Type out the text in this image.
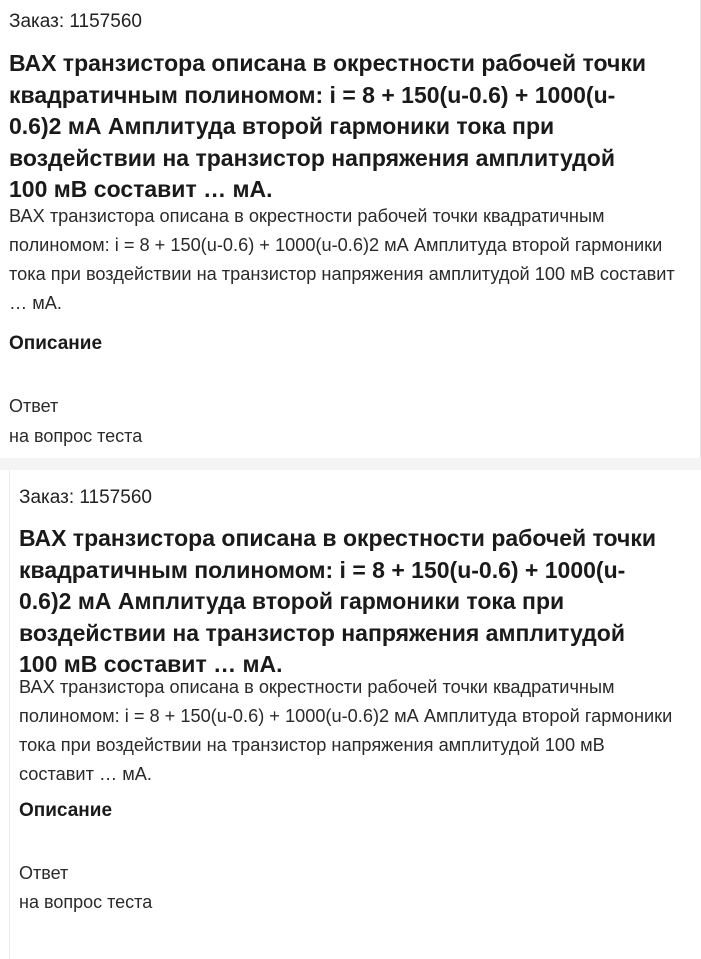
Заказ: 1157560
ВАХ транзистора описана в окрестности рабочей точки квадратичным полиномом: i = 8 + 150(u-0.6) + 1000(u-0.6)2 мА Амплитуда второй гармоники тока при воздействии на транзистор напряжения амплитудой 100 мВ составит … мА.

ВАХ транзистора описана в окрестности рабочей точки квадратичным полиномом: i = 8 + 150(u-0.6) + 1000(u-0.6)2 мА Амплитуда второй гармоники тока при воздействии на транзистор напряжения амплитудой 100 мВ составит … мА.

Описание
Ответ
на вопрос теста
Заказ: 1157560
ВАХ транзистора описана в окрестности рабочей точки квадратичным полиномом: i = 8 + 150(u-0.6) + 1000(u-0.6)2 мА Амплитуда второй гармоники тока при воздействии на транзистор напряжения амплитудой 100 мВ составит … мА.

ВАХ транзистора описана в окрестности рабочей точки квадратичным полиномом: i = 8 + 150(u-0.6) + 1000(u-0.6)2 мА Амплитуда второй гармоники тока при воздействии на транзистор напряжения амплитудой 100 мВ составит … мА.

Описание
Ответ
на вопрос теста
